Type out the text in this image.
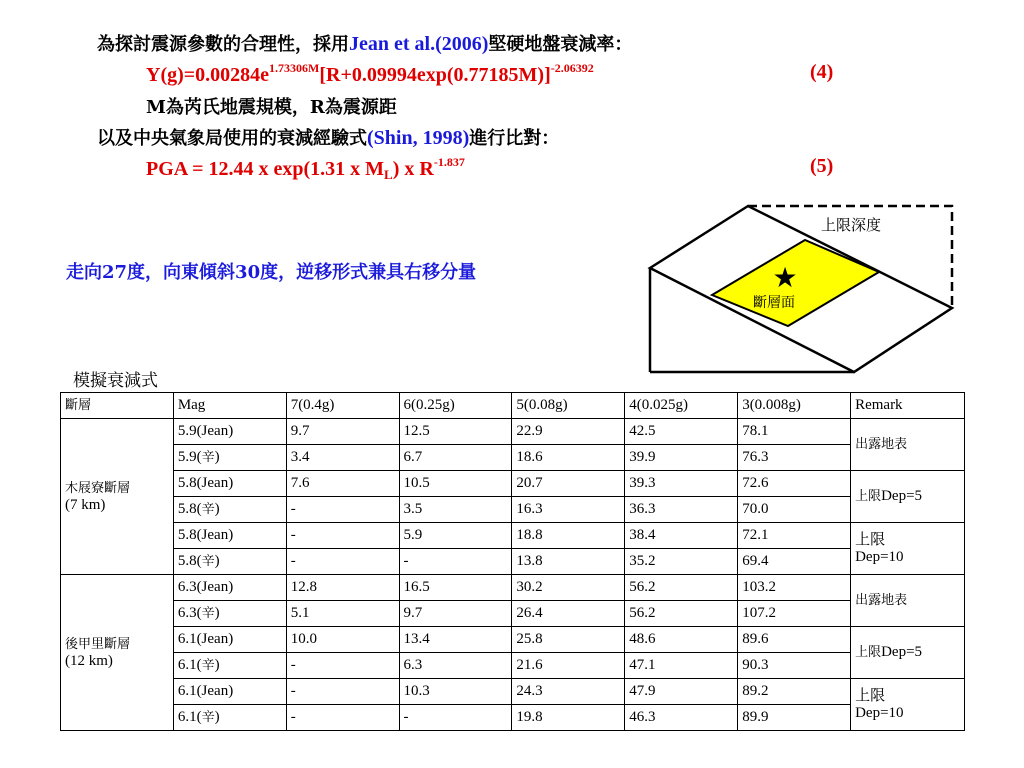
為探討震源參數的合理性，採用Jean et al.(2006)堅硬地盤衰減率：
$Y(g)=0.00284e^{1.73306M}[R+0.09994\exp(0.77185M)]^{-2.06392}$	(4)
M為芮氏地震規模，R為震源距
以及中央氣象局使用的衰減經驗式(Shin, 1998)進行比對：
PGA = 12.44 x exp(1.31 x $M_L$) x $R^{-1.837}$	(5)
走向27度，向東傾斜30度，逆移形式兼具右移分量	★
斷層面
上限深度
模擬衰減式
斷層	Mag	7(0.4g)	6(0.25g)	5(0.08g)	4(0.025g)	3(0.008g)	Remark

木屐寮斷層
(7 km)	5.9(Jean)	9.7	12.5	22.9	42.5	78.1	出露地表
	5.9(辛)	3.4	6.7	18.6	39.9	76.3	
	5.8(Jean)	7.6	10.5	20.7	39.3	72.6	上限Dep=5
	5.8(辛)	-	3.5	16.3	36.3	70.0	
	5.8(Jean)	-	5.9	18.8	38.4	72.1	上限
Dep=10

	5.8(辛)	-	-	13.8	35.2	69.4	

後甲里斷層
(12 km)	6.3(Jean)	12.8	16.5	30.2	56.2	103.2	出露地表
	6.3(辛)	5.1	9.7	26.4	56.2	107.2	
	6.1(Jean)	10.0	13.4	25.8	48.6	89.6	上限Dep=5
	6.1(辛)	-	6.3	21.6	47.1	90.3	
	6.1(Jean)	-	10.3	24.3	47.9	89.2	上限
Dep=10

	6.1(辛)	-	-	19.8	46.3	89.9	
